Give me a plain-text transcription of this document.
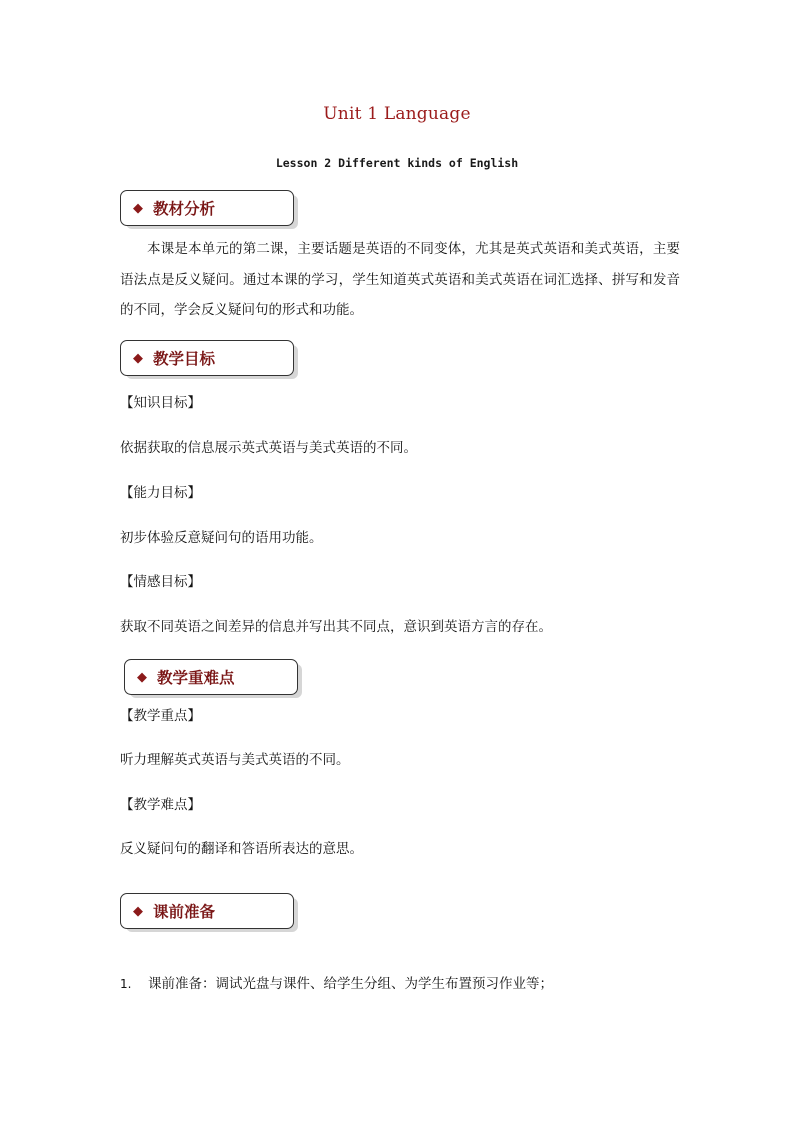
Unit 1 Language
Lesson 2 Different kinds of English
◆ 教材分析
本课是本单元的第二课，主要话题是英语的不同变体，尤其是英式英语和美式英语，主要语法点是反义疑问。通过本课的学习，学生知道英式英语和美式英语在词汇选择、拼写和发音的不同，学会反义疑问句的形式和功能。
◆ 教学目标
【知识目标】
依据获取的信息展示英式英语与美式英语的不同。
【能力目标】
初步体验反意疑问句的语用功能。
【情感目标】
获取不同英语之间差异的信息并写出其不同点，意识到英语方言的存在。
◆ 教学重难点
【教学重点】
听力理解英式英语与美式英语的不同。
【教学难点】
反义疑问句的翻译和答语所表达的意思。
◆ 课前准备
1. 课前准备：调试光盘与课件、给学生分组、为学生布置预习作业等；
